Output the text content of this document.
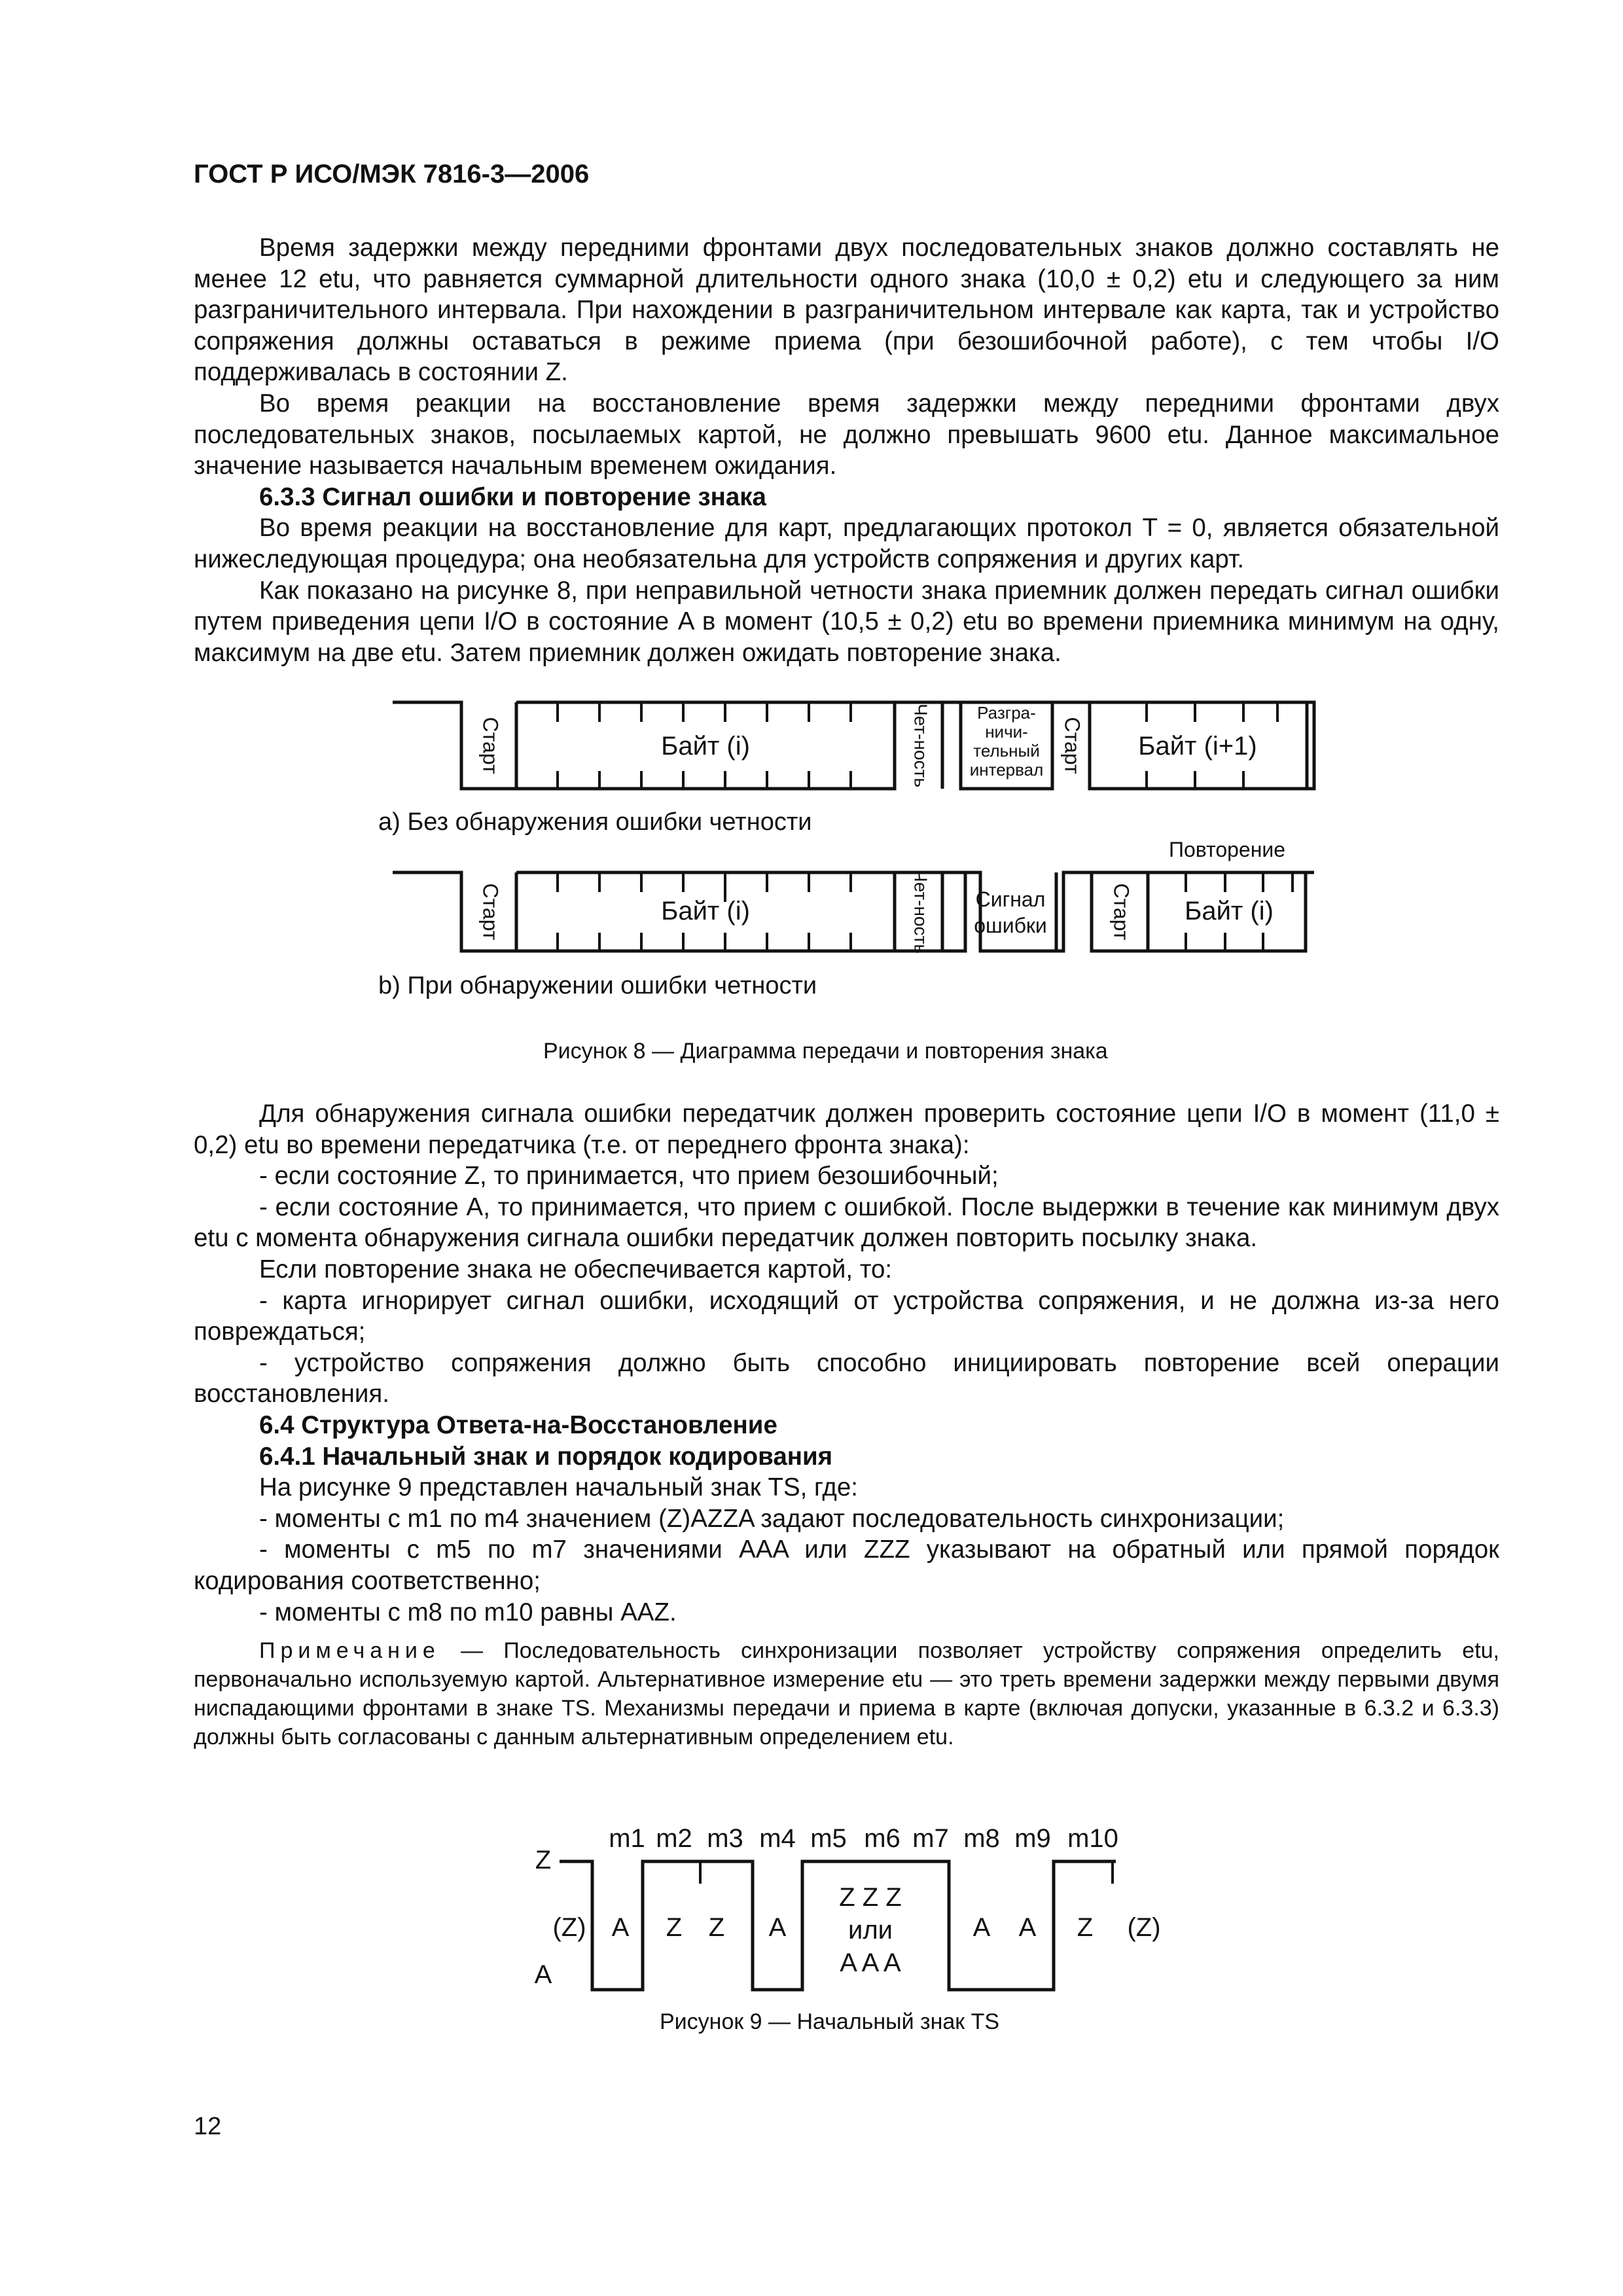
ГОСТ Р ИСО/МЭК 7816-3—2006

Время задержки между передними фронтами двух последовательных знаков должно составлять не менее 12 etu, что равняется суммарной длительности одного знака (10,0 ± 0,2) etu и следующего за ним разграничительного интервала. При нахождении в разграничительном интервале как карта, так и устройство сопряжения должны оставаться в режиме приема (при безошибочной работе), с тем чтобы I/O поддерживалась в состоянии Z.

Во время реакции на восстановление время задержки между передними фронтами двух последовательных знаков, посылаемых картой, не должно превышать 9600 etu. Данное максимальное значение называется начальным временем ожидания.

6.3.3 Сигнал ошибки и повторение знака

Во время реакции на восстановление для карт, предлагающих протокол T = 0, является обязательной нижеследующая процедура; она необязательна для устройств сопряжения и других карт.

Как показано на рисунке 8, при неправильной четности знака приемник должен передать сигнал ошибки путем приведения цепи I/O в состояние A в момент (10,5 ± 0,2) etu во времени приемника минимум на одну, максимум на две etu. Затем приемник должен ожидать повторение знака.

Старт	Байт (i)	Чет-ность	Разгра-
ничи-
тельный
интервал Старт Байт (i+1)
Повторение
Старт	Байт (i)	Чет-ность Сигнал
ошибки	Старт Байт (i)
a) Без обнаружения ошибки четности
b) При обнаружении ошибки четности
Рисунок 8 — Диаграмма передачи и повторения знака

Для обнаружения сигнала ошибки передатчик должен проверить состояние цепи I/O в момент (11,0 ± 0,2) etu во времени передатчика (т.е. от переднего фронта знака):

- если состояние Z, то принимается, что прием безошибочный;

- если состояние A, то принимается, что прием с ошибкой. После выдержки в течение как минимум двух etu с момента обнаружения сигнала ошибки передатчик должен повторить посылку знака.

Если повторение знака не обеспечивается картой, то:

- карта игнорирует сигнал ошибки, исходящий от устройства сопряжения, и не должна из-за него повреждаться;

- устройство сопряжения должно быть способно инициировать повторение всей операции восстановления.

6.4 Структура Ответа-на-Восстановление

6.4.1 Начальный знак и порядок кодирования

На рисунке 9 представлен начальный знак TS, где:

- моменты с m1 по m4 значением (Z)AZZA задают последовательность синхронизации;

- моменты с m5 по m7 значениями AAA или ZZZ указывают на обратный или прямой порядок кодирования соответственно;

- моменты с m8 по m10 равны AAZ.

Примечание — Последовательность синхронизации позволяет устройству сопряжения определить etu, первоначально используемую картой. Альтернативное измерение etu — это треть времени задержки между первыми двумя ниспадающими фронтами в знаке TS. Механизмы передачи и приема в карте (включая допуски, указанные в 6.3.2 и 6.3.3) должны быть согласованы с данным альтернативным определением etu.

Z
A
m1 m2 m3 m4 m5 m6 m7 m8 m9 m10
(Z) A Z Z A	A A Z (Z)
Z Z Z
или
A A A
Рисунок 9 — Начальный знак TS
12
